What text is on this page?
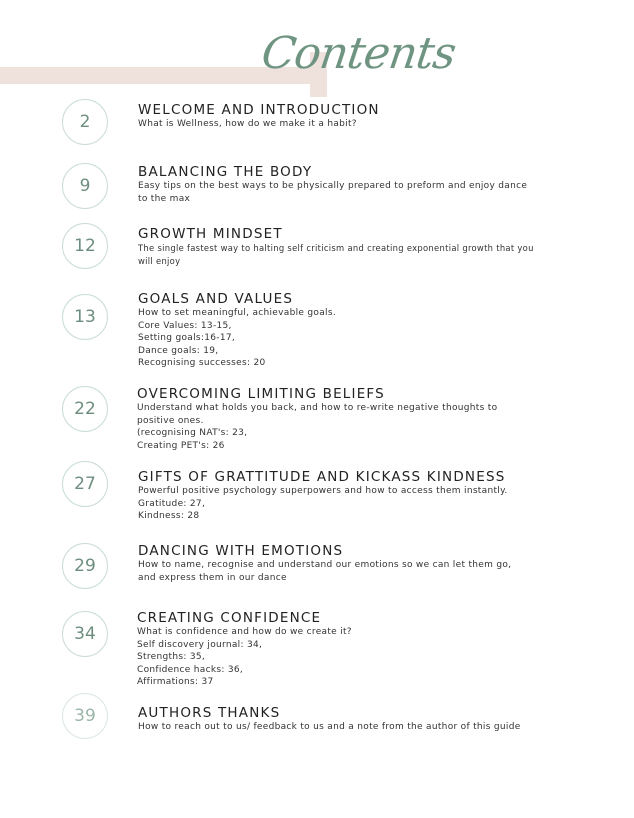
Contents
2
WELCOME AND INTRODUCTION
What is Wellness, how do we make it a habit?
9
BALANCING THE BODY
Easy tips on the best ways to be physically prepared to preform and enjoy dance
to the max
12
GROWTH MINDSET
The single fastest way to halting self criticism and creating exponential growth that you
will enjoy
13
GOALS AND VALUES
How to set meaningful, achievable goals.
Core Values: 13-15,
Setting goals:16-17,
Dance goals: 19,
Recognising successes: 20
22
OVERCOMING LIMITING BELIEFS
Understand what holds you back, and how to re-write negative thoughts to
positive ones.
(recognising NAT's: 23,
Creating PET's: 26
27	GIFTS OF GRATTITUDE AND KICKASS KINDNESS
Powerful positive psychology superpowers and how to access them instantly.
Gratitude: 27,
Kindness: 28
29
DANCING WITH EMOTIONS
How to name, recognise and understand our emotions so we can let them go,
and express them in our dance
34
CREATING CONFIDENCE
What is confidence and how do we create it?
Self discovery journal: 34,
Strengths: 35,
Confidence hacks: 36,
Affirmations: 37
39	AUTHORS THANKS
How to reach out to us/ feedback to us and a note from the author of this guide
